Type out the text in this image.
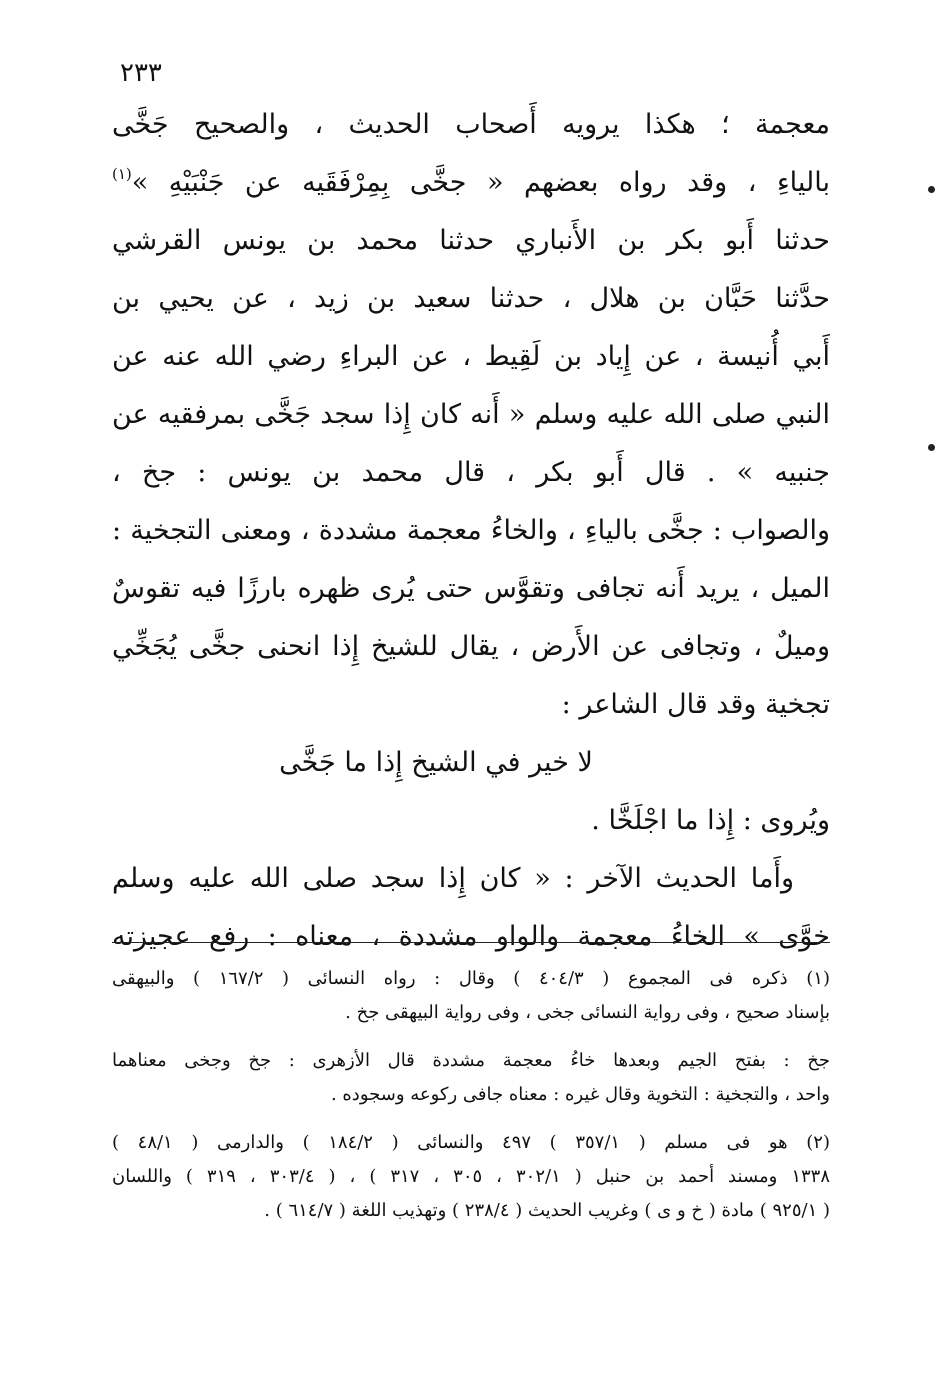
٢٣٣
معجمة ؛ هكذا يرويه أَصحاب الحديث ، والصحيح جَخَّى
بالياءِ ، وقد رواه بعضهم « جخَّى بِمِرْفَقَيه عن جَنْبَيْهِ »$^{(١)}$
حدثنا أَبو بكر بن الأَنباري حدثنا محمد بن يونس القرشي
حدَّثنا حَبَّان بن هلال ، حدثنا سعيد بن زيد ، عن يحيي بن
أَبي أُنيسة ، عن إِياد بن لَقِيط ، عن البراءِ رضي الله عنه عن
النبي صلى الله عليه وسلم « أَنه كان إِذا سجد جَخَّى بمرفقيه عن
جنبيه » . قال أَبو بكر ، قال محمد بن يونس : جخ ،
والصواب : جخَّى بالياءِ ، والخاءُ معجمة مشددة ، ومعنى التجخية :
الميل ، يريد أَنه تجافى وتقوَّس حتى يُرى ظهره بارزًا فيه تقوسٌ
وميلٌ ، وتجافى عن الأَرض ، يقال للشيخ إِذا انحنى جخَّى يُجَخِّي
تجخية وقد قال الشاعر :
لا خير في الشيخ إِذا ما جَخَّى
ويُروى : إِذا ما اجْلَخَّا .
وأَما الحديث الآخر : « كان إِذا سجد صلى الله عليه وسلم
خوَّى » الخاءُ معجمة والواو مشددة ، معناه : رفع عجيزته
(١) ذكره فى المجموع ( ٤٠٤/٣ ) وقال : رواه النسائى ( ١٦٧/٢ ) والبيهقى
بإسناد صحيح ، وفى رواية النسائى جخى ، وفى رواية البيهقى جخ .
جخ : بفتح الجيم وبعدها خاءُ معجمة مشددة قال الأزهرى : جخ وجخى معناهما
واحد ، والتجخية : التخوية وقال غيره : معناه جافى ركوعه وسجوده .
(٢) هو فى مسلم ( ٣٥٧/١ ) ٤٩٧ والنسائى ( ١٨٤/٢ ) والدارمى ( ٤٨/١ )
١٣٣٨ ومسند أحمد بن حنبل ( ٣٠٢/١ ، ٣٠٥ ، ٣١٧ ) ، ( ٣٠٣/٤ ، ٣١٩ ) واللسان
( ٩٢٥/١ ) مادة ( خ و ى ) وغريب الحديث ( ٢٣٨/٤ ) وتهذيب اللغة ( ٦١٤/٧ ) .
